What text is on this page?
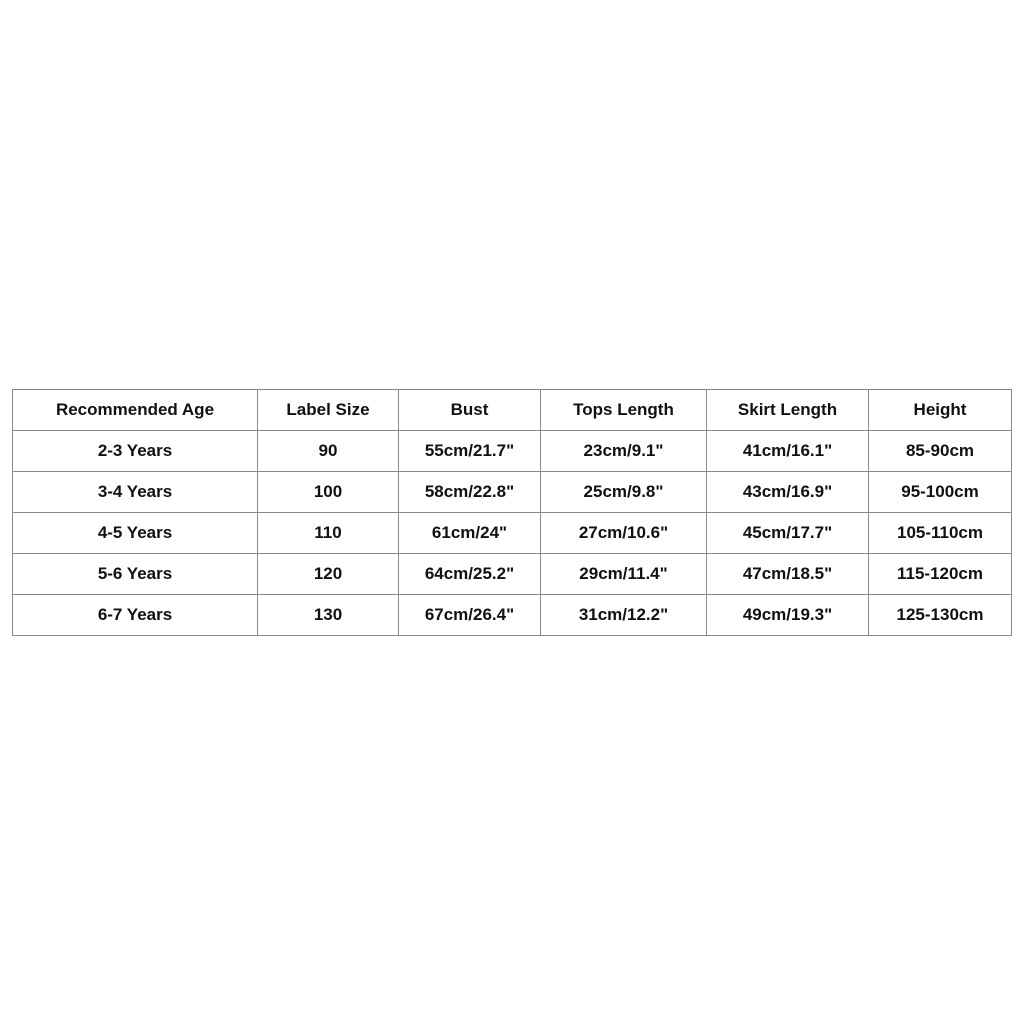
Recommended Age	Label Size	Bust	Tops Length	Skirt Length	Height
2-3 Years	90	55cm/21.7"	23cm/9.1"	41cm/16.1"	85-90cm
3-4 Years	100	58cm/22.8"	25cm/9.8"	43cm/16.9"	95-100cm
4-5 Years	110	61cm/24"	27cm/10.6"	45cm/17.7"	105-110cm
5-6 Years	120	64cm/25.2"	29cm/11.4"	47cm/18.5"	115-120cm
6-7 Years	130	67cm/26.4"	31cm/12.2"	49cm/19.3"	125-130cm
